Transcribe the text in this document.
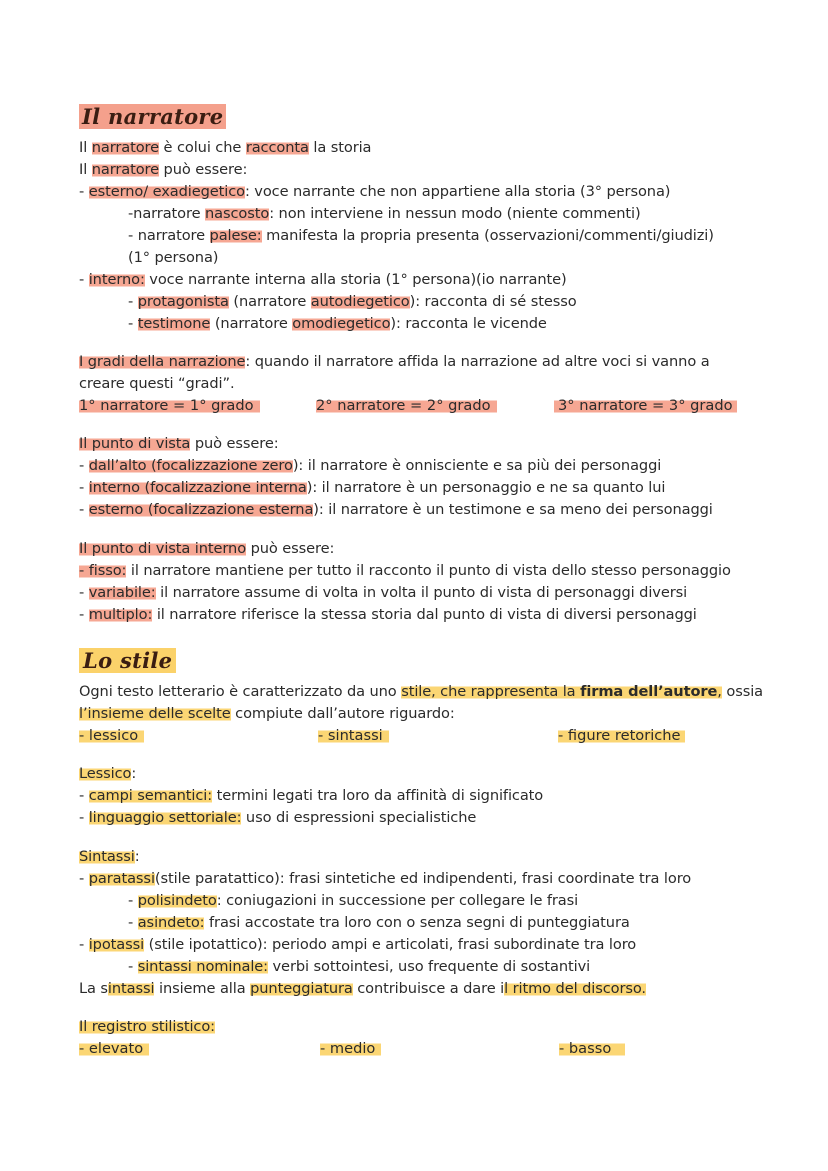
Il narratore
Il narratore è colui che racconta la storia
Il narratore può essere:
- esterno/ exadiegetico: voce narrante che non appartiene alla storia (3° persona)
-narratore nascosto: non interviene in nessun modo (niente commenti)
- narratore palese: manifesta la propria presenta (osservazioni/commenti/giudizi)
(1° persona)
- interno: voce narrante interna alla storia (1° persona)(io narrante)
- protagonista (narratore autodiegetico): racconta di sé stesso
- testimone (narratore omodiegetico): racconta le vicende
I gradi della narrazione: quando il narratore affida la narrazione ad altre voci si vanno a
creare questi “gradi”.
1° narratore = 1° grado	2° narratore = 2° grado	3° narratore = 3° grado
Il punto di vista può essere:
- dall’alto (focalizzazione zero): il narratore è onnisciente e sa più dei personaggi
- interno (focalizzazione interna): il narratore è un personaggio e ne sa quanto lui
- esterno (focalizzazione esterna): il narratore è un testimone e sa meno dei personaggi
Il punto di vista interno può essere:
- fisso: il narratore mantiene per tutto il racconto il punto di vista dello stesso personaggio
- variabile: il narratore assume di volta in volta il punto di vista di personaggi diversi
- multiplo: il narratore riferisce la stessa storia dal punto di vista di diversi personaggi
Lo stile
Ogni testo letterario è caratterizzato da uno stile, che rappresenta la firma dell’autore, ossia
l’insieme delle scelte compiute dall’autore riguardo:
- lessico	- sintassi	- figure retoriche
Lessico:
- campi semantici: termini legati tra loro da affinità di significato
- linguaggio settoriale: uso di espressioni specialistiche
Sintassi:
- paratassi(stile paratattico): frasi sintetiche ed indipendenti, frasi coordinate tra loro
- polisindeto: coniugazioni in successione per collegare le frasi
- asindeto: frasi accostate tra loro con o senza segni di punteggiatura
- ipotassi (stile ipotattico): periodo ampi e articolati, frasi subordinate tra loro
- sintassi nominale: verbi sottointesi, uso frequente di sostantivi
La sintassi insieme alla punteggiatura contribuisce a dare il ritmo del discorso.
Il registro stilistico:
- elevato	- medio	- basso
